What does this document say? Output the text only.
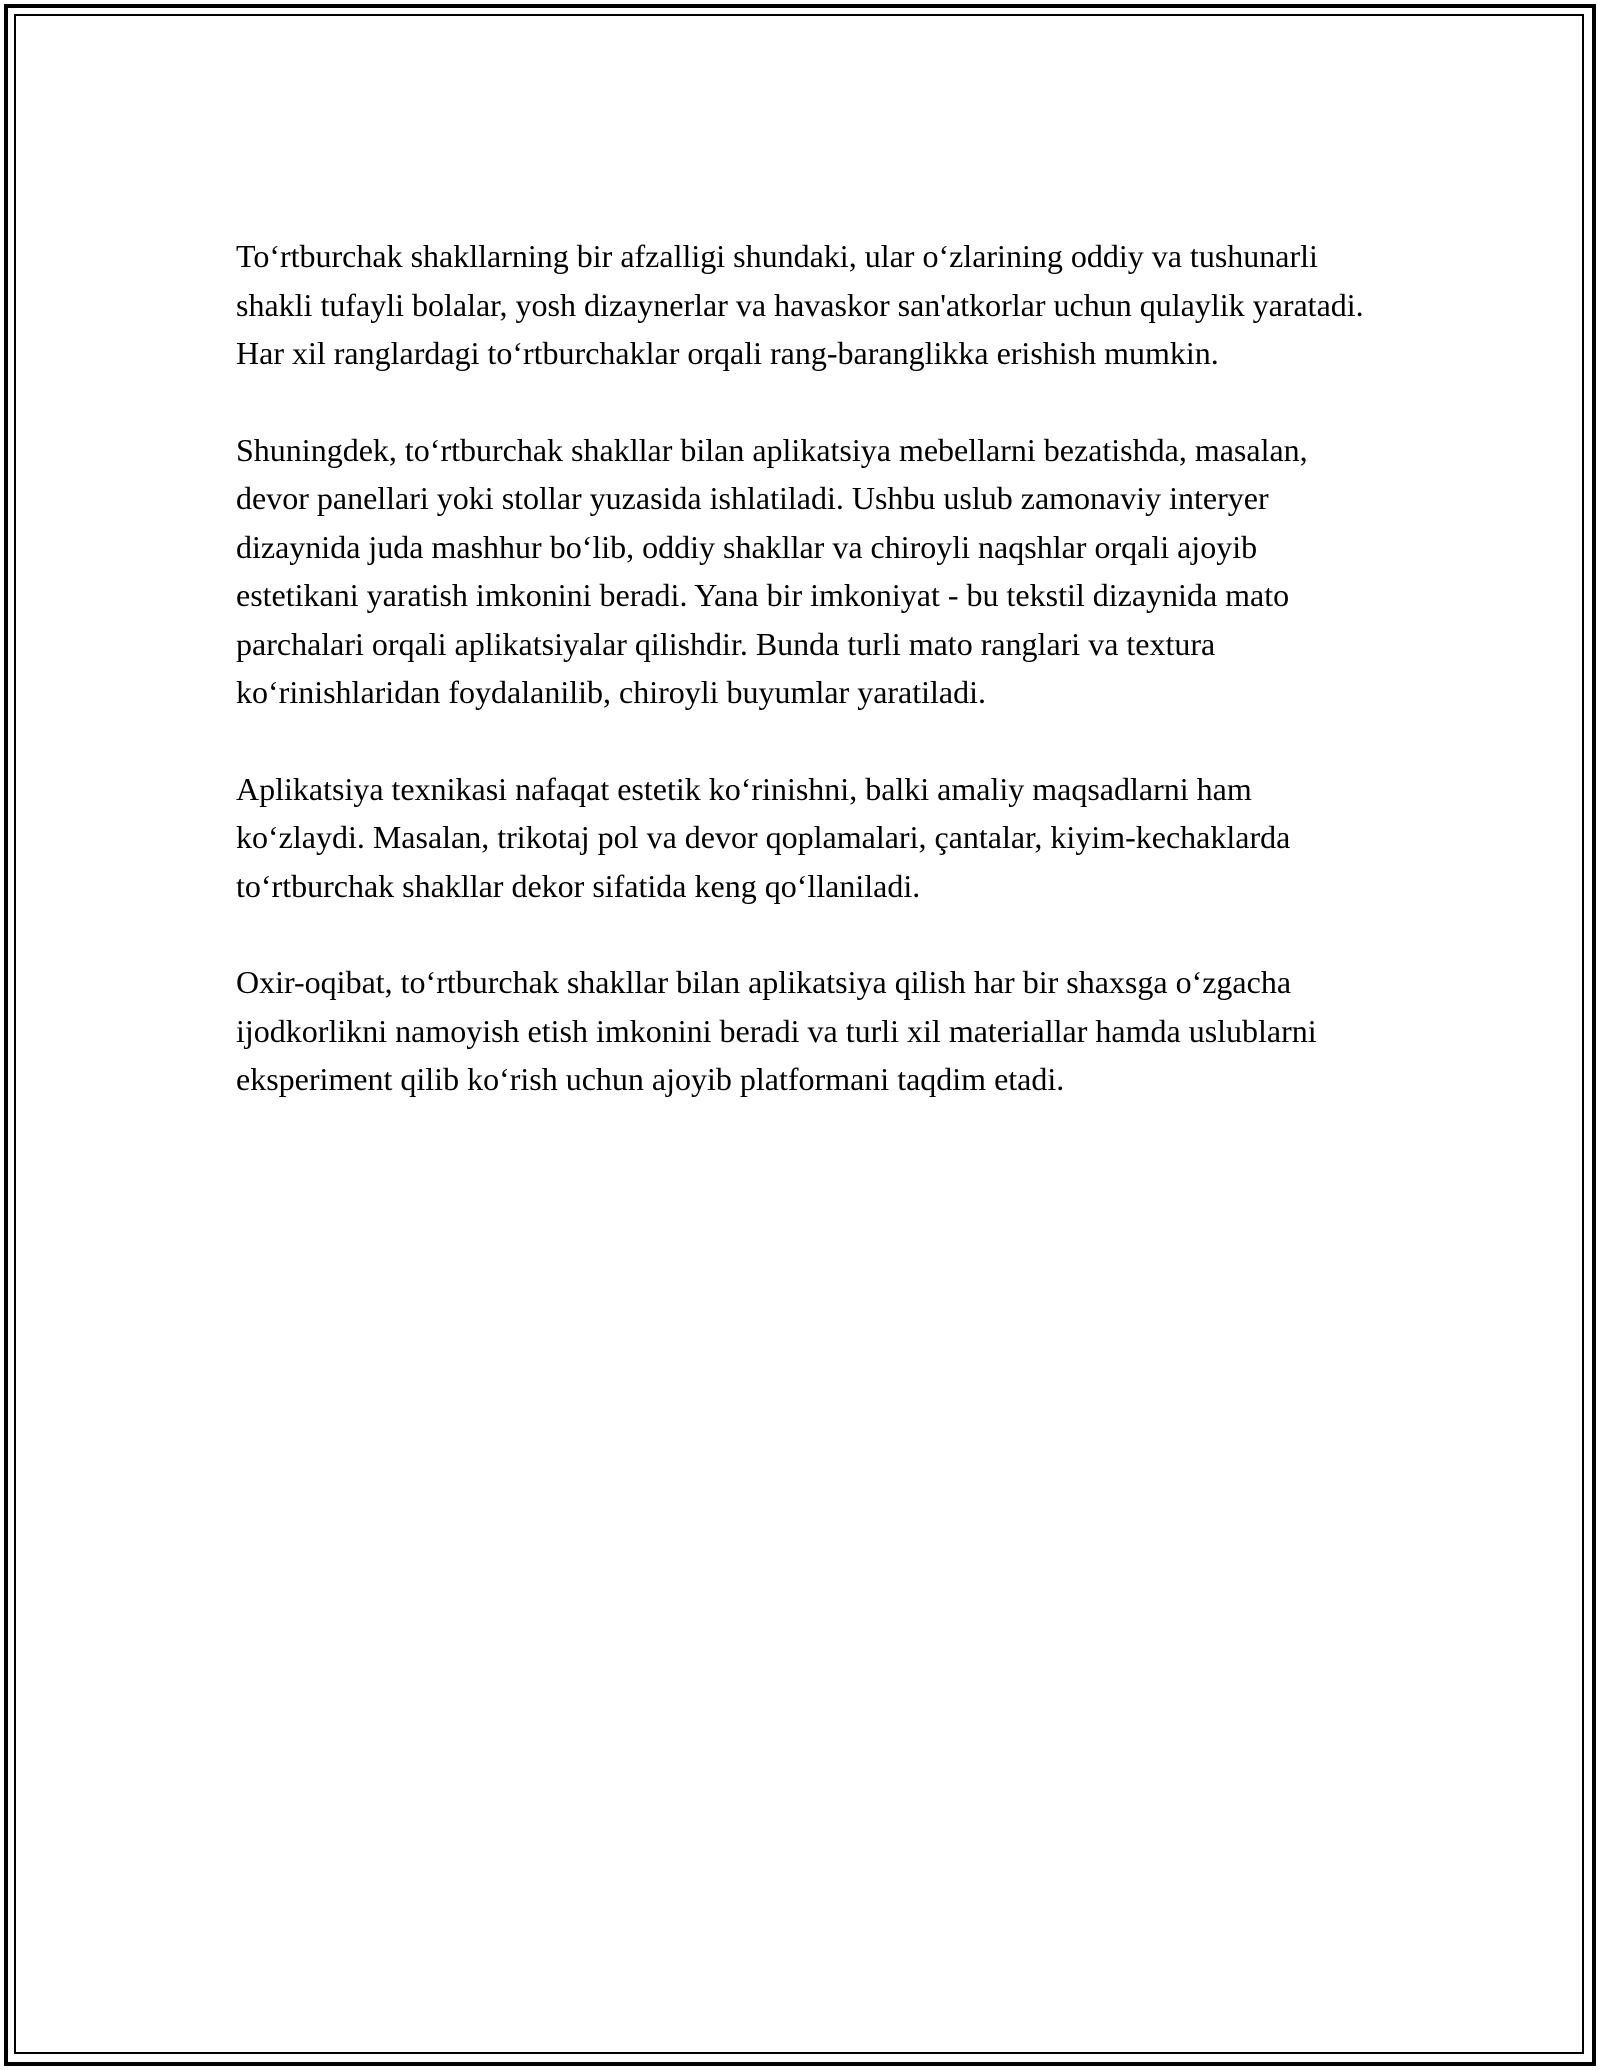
To‘rtburchak shakllarning bir afzalligi shundaki, ular o‘zlarining oddiy va tushunarli shakli tufayli bolalar, yosh dizaynerlar va havaskor san'atkorlar uchun qulaylik yaratadi. Har xil ranglardagi to‘rtburchaklar orqali rang-baranglikka erishish mumkin.

Shuningdek, to‘rtburchak shakllar bilan aplikatsiya mebellarni bezatishda, masalan, devor panellari yoki stollar yuzasida ishlatiladi. Ushbu uslub zamonaviy interyer dizaynida juda mashhur bo‘lib, oddiy shakllar va chiroyli naqshlar orqali ajoyib estetikani yaratish imkonini beradi. Yana bir imkoniyat - bu tekstil dizaynida mato parchalari orqali aplikatsiyalar qilishdir. Bunda turli mato ranglari va textura ko‘rinishlaridan foydalanilib, chiroyli buyumlar yaratiladi.

Aplikatsiya texnikasi nafaqat estetik ko‘rinishni, balki amaliy maqsadlarni ham ko‘zlaydi. Masalan, trikotaj pol va devor qoplamalari, çantalar, kiyim-kechaklarda to‘rtburchak shakllar dekor sifatida keng qo‘llaniladi.

Oxir-oqibat, to‘rtburchak shakllar bilan aplikatsiya qilish har bir shaxsga o‘zgacha ijodkorlikni namoyish etish imkonini beradi va turli xil materiallar hamda uslublarni eksperiment qilib ko‘rish uchun ajoyib platformani taqdim etadi.
